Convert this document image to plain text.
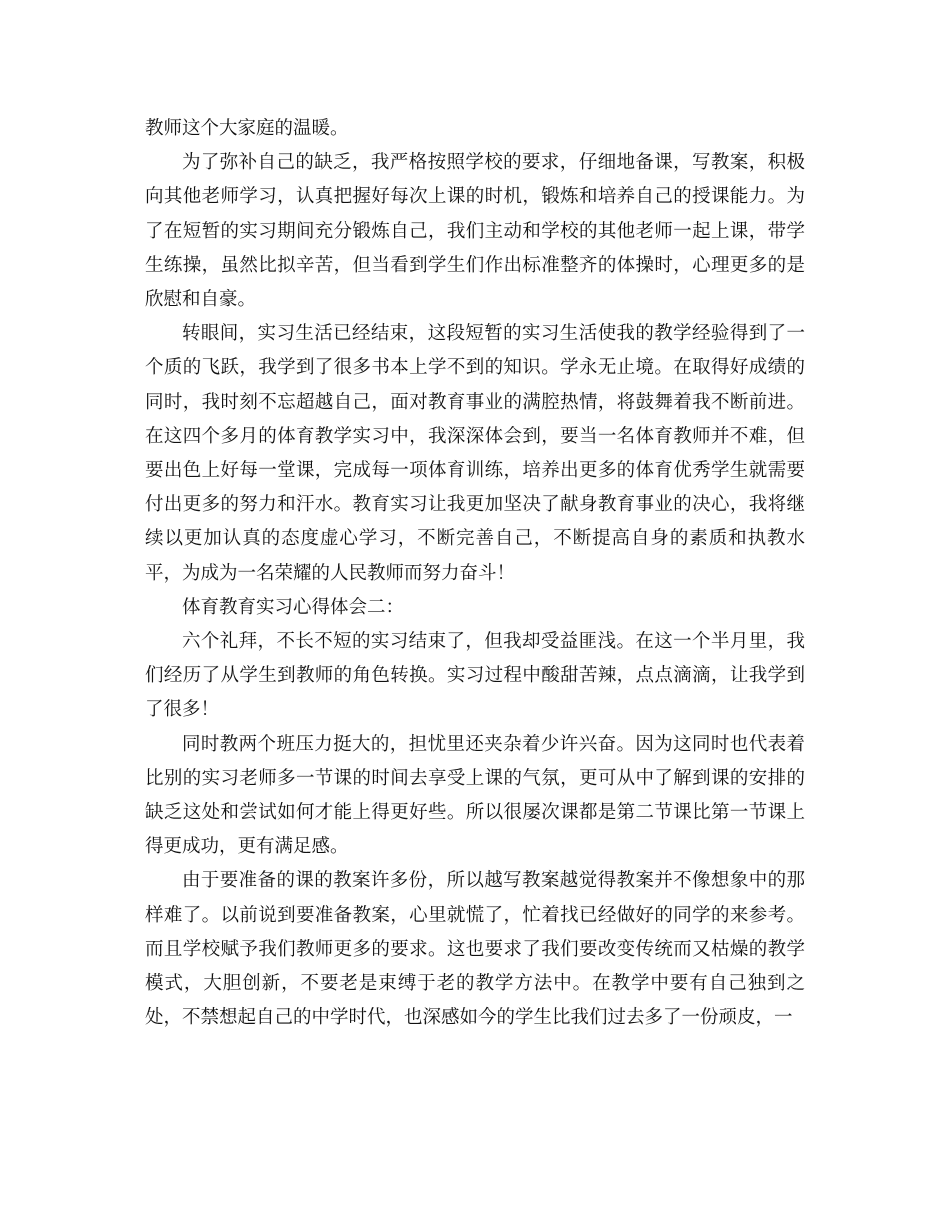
教师这个大家庭的温暖。

为了弥补自己的缺乏，我严格按照学校的要求，仔细地备课，写教案，积极向其他老师学习，认真把握好每次上课的时机，锻炼和培养自己的授课能力。为了在短暂的实习期间充分锻炼自己，我们主动和学校的其他老师一起上课，带学生练操，虽然比拟辛苦，但当看到学生们作出标准整齐的体操时，心理更多的是欣慰和自豪。

转眼间，实习生活已经结束，这段短暂的实习生活使我的教学经验得到了一个质的飞跃，我学到了很多书本上学不到的知识。学永无止境。在取得好成绩的同时，我时刻不忘超越自己，面对教育事业的满腔热情，将鼓舞着我不断前进。在这四个多月的体育教学实习中，我深深体会到，要当一名体育教师并不难，但要出色上好每一堂课，完成每一项体育训练，培养出更多的体育优秀学生就需要付出更多的努力和汗水。教育实习让我更加坚决了献身教育事业的决心，我将继续以更加认真的态度虚心学习，不断完善自己，不断提高自身的素质和执教水平，为成为一名荣耀的人民教师而努力奋斗！

体育教育实习心得体会二：

六个礼拜，不长不短的实习结束了，但我却受益匪浅。在这一个半月里，我们经历了从学生到教师的角色转换。实习过程中酸甜苦辣，点点滴滴，让我学到了很多！

同时教两个班压力挺大的，担忧里还夹杂着少许兴奋。因为这同时也代表着比别的实习老师多一节课的时间去享受上课的气氛，更可从中了解到课的安排的缺乏这处和尝试如何才能上得更好些。所以很屡次课都是第二节课比第一节课上得更成功，更有满足感。

由于要准备的课的教案许多份，所以越写教案越觉得教案并不像想象中的那样难了。以前说到要准备教案，心里就慌了，忙着找已经做好的同学的来参考。而且学校赋予我们教师更多的要求。这也要求了我们要改变传统而又枯燥的教学模式，大胆创新，不要老是束缚于老的教学方法中。在教学中要有自己独到之处，不禁想起自己的中学时代，也深感如今的学生比我们过去多了一份顽皮，一
